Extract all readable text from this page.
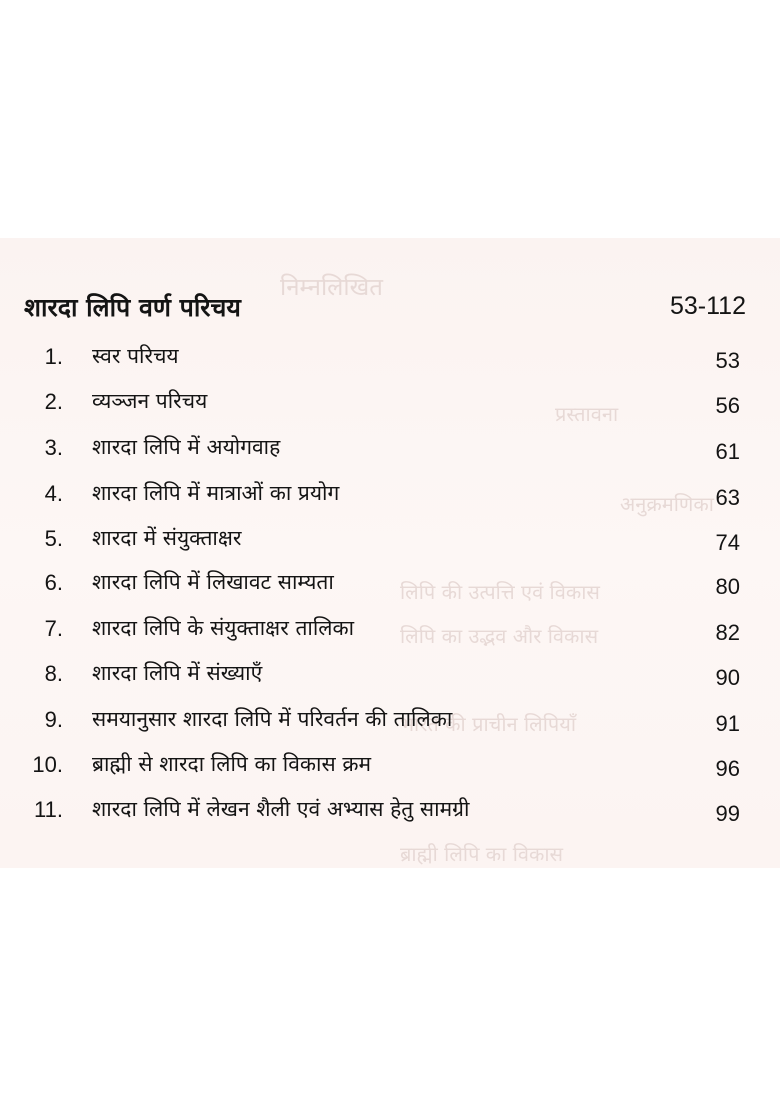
निम्नलिखित
प्रस्तावना
अनुक्रमणिका
लिपि की उत्पत्ति एवं विकास
लिपि का उद्भव और विकास
भारत की प्राचीन लिपियाँ
ब्राह्मी लिपि का विकास
शारदा लिपि वर्ण परिचय	53-112
1. स्वर परिचय	53
2. व्यञ्जन परिचय	56
3. शारदा लिपि में अयोगवाह	61
4. शारदा लिपि में मात्राओं का प्रयोग	63
5. शारदा में संयुक्ताक्षर	74
6. शारदा लिपि में लिखावट साम्यता	80
7. शारदा लिपि के संयुक्ताक्षर तालिका	82
8. शारदा लिपि में संख्याएँ	90
9. समयानुसार शारदा लिपि में परिवर्तन की तालिका	91
10. ब्राह्मी से शारदा लिपि का विकास क्रम	96
11. शारदा लिपि में लेखन शैली एवं अभ्यास हेतु सामग्री	99
